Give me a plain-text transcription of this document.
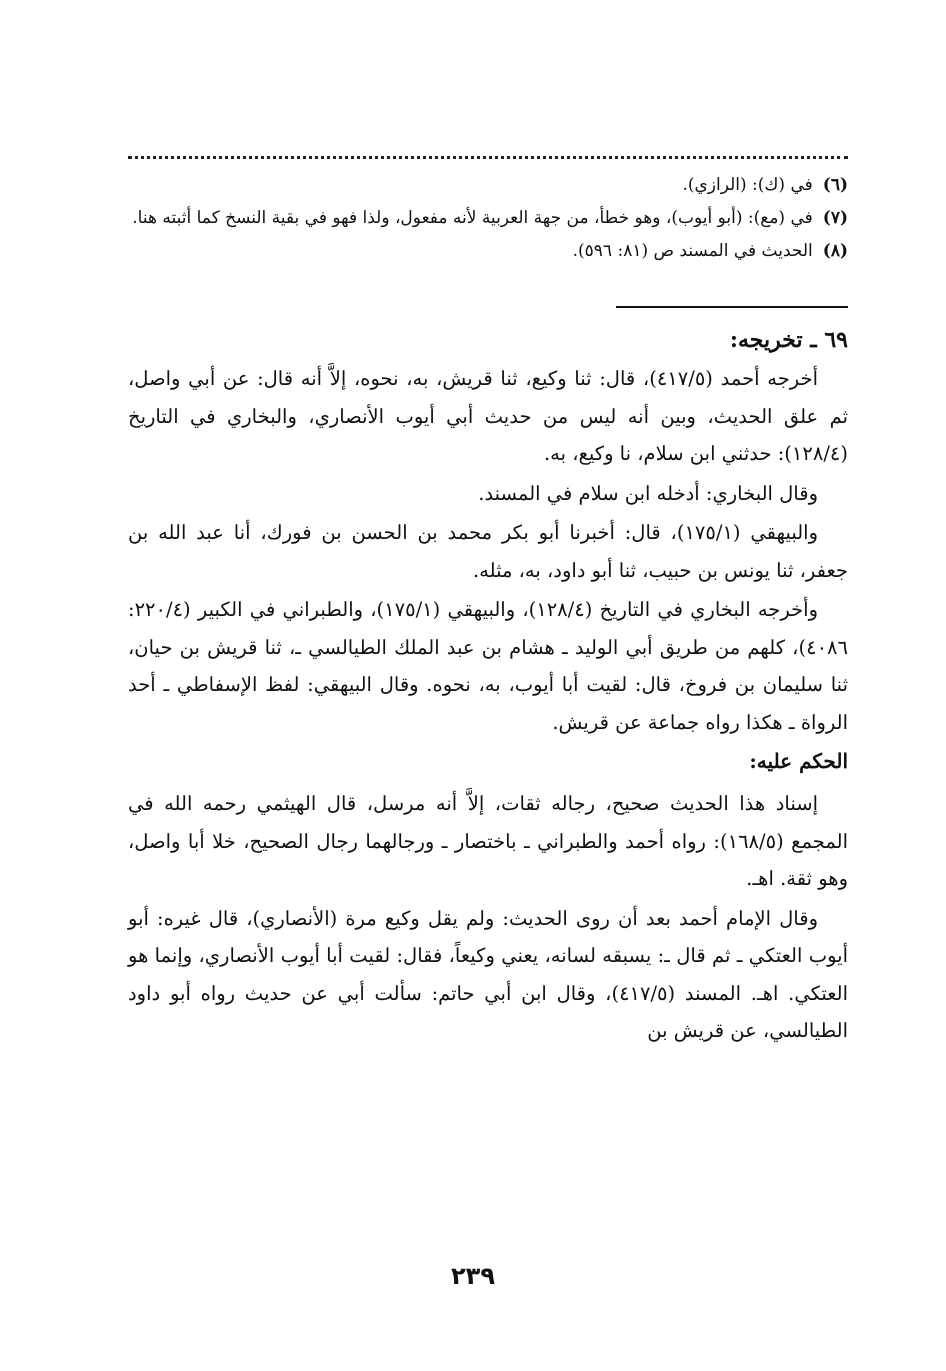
(٦)
في (ك): (الرازي).
(٧)
في (مع): (أبو أيوب)، وهو خطأ، من جهة العربية لأنه مفعول، ولذا فهو في بقية النسخ كما أثبته هنا.
(٨)
الحديث في المسند ص (٨١: ٥٩٦).
٦٩ ـ تخريجه:

أخرجه أحمد (٤١٧/٥)، قال: ثنا وكيع، ثنا قريش، به، نحوه، إلاَّ أنه قال: عن أبي واصل، ثم علق الحديث، وبين أنه ليس من حديث أبي أيوب الأنصاري، والبخاري في التاريخ (١٢٨/٤): حدثني ابن سلام، نا وكيع، به.

وقال البخاري: أدخله ابن سلام في المسند.

والبيهقي (١٧٥/١)، قال: أخبرنا أبو بكر محمد بن الحسن بن فورك، أنا عبد الله بن جعفر، ثنا يونس بن حبيب، ثنا أبو داود، به، مثله.

وأخرجه البخاري في التاريخ (١٢٨/٤)، والبيهقي (١٧٥/١)، والطبراني في الكبير (٢٢٠/٤: ٤٠٨٦)، كلهم من طريق أبي الوليد ـ هشام بن عبد الملك الطيالسي ـ، ثنا قريش بن حيان، ثنا سليمان بن فروخ، قال: لقيت أبا أيوب، به، نحوه. وقال البيهقي: لفظ الإسفاطي ـ أحد الرواة ـ هكذا رواه جماعة عن قريش.

الحكم عليه:

إسناد هذا الحديث صحيح، رجاله ثقات، إلاَّ أنه مرسل، قال الهيثمي رحمه الله في المجمع (١٦٨/٥): رواه أحمد والطبراني ـ باختصار ـ ورجالهما رجال الصحيح، خلا أبا واصل، وهو ثقة. اهـ.

وقال الإمام أحمد بعد أن روى الحديث: ولم يقل وكيع مرة (الأنصاري)، قال غيره: أبو أيوب العتكي ـ ثم قال ـ: يسبقه لسانه، يعني وكيعاً، فقال: لقيت أبا أيوب الأنصاري، وإنما هو العتكي. اهـ. المسند (٤١٧/٥)، وقال ابن أبي حاتم: سألت أبي عن حديث رواه أبو داود الطيالسي، عن قريش بن

٢٣٩
